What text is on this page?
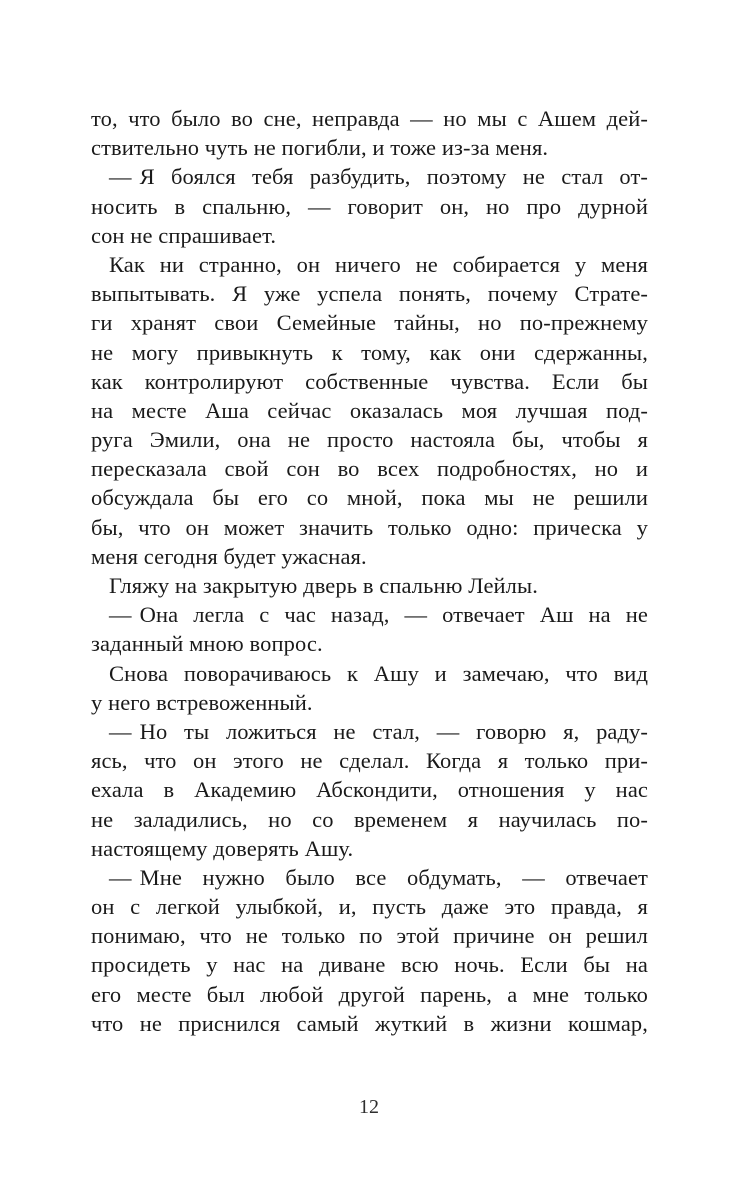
то, что было во сне, неправда — но мы с Ашем дей-
ствительно чуть не погибли, и тоже из-за меня.
— Я боялся тебя разбудить, поэтому не стал от-
носить в спальню, — говорит он, но про дурной
сон не спрашивает.
Как ни странно, он ничего не собирается у меня
выпытывать. Я уже успела понять, почему Страте-
ги хранят свои Семейные тайны, но по-прежнему
не могу привыкнуть к тому, как они сдержанны,
как контролируют собственные чувства. Если бы
на месте Аша сейчас оказалась моя лучшая под-
руга Эмили, она не просто настояла бы, чтобы я
пересказала свой сон во всех подробностях, но и
обсуждала бы его со мной, пока мы не решили
бы, что он может значить только одно: прическа у
меня сегодня будет ужасная.
Гляжу на закрытую дверь в спальню Лейлы.
— Она легла с час назад, — отвечает Аш на не
заданный мною вопрос.
Снова поворачиваюсь к Ашу и замечаю, что вид
у него встревоженный.
— Но ты ложиться не стал, — говорю я, раду-
ясь, что он этого не сделал. Когда я только при-
ехала в Академию Абскондити, отношения у нас
не заладились, но со временем я научилась по-
настоящему доверять Ашу.
— Мне нужно было все обдумать, — отвечает
он с легкой улыбкой, и, пусть даже это правда, я
понимаю, что не только по этой причине он решил
просидеть у нас на диване всю ночь. Если бы на
его месте был любой другой парень, а мне только
что не приснился самый жуткий в жизни кошмар,
12
